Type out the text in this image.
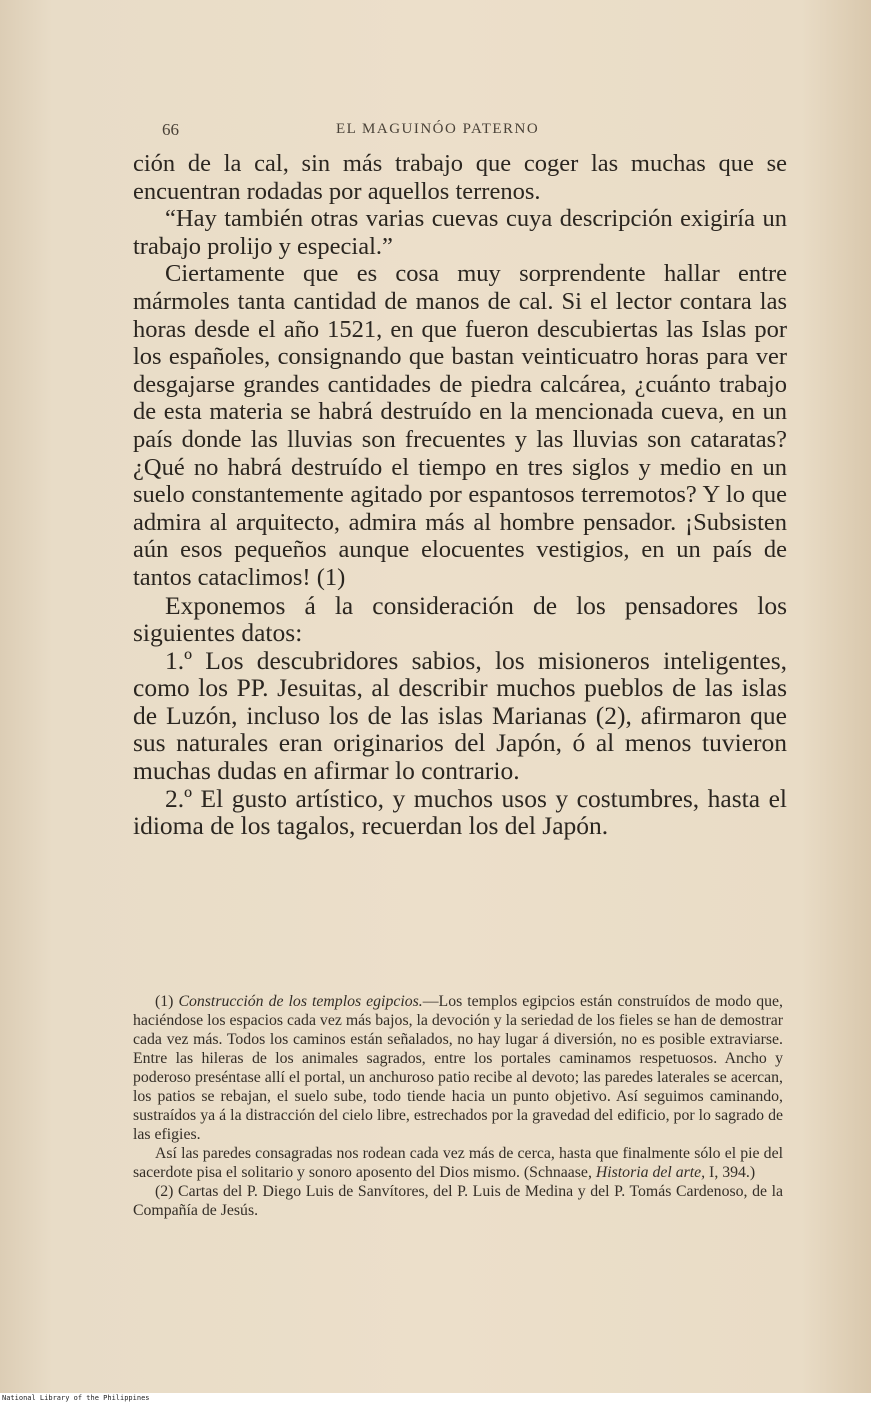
66	EL MAGUINÓO PATERNO

ción de la cal, sin más trabajo que coger las muchas que se encuentran rodadas por aquellos terrenos.

“Hay también otras varias cuevas cuya descripción exigiría un trabajo prolijo y especial.”

Ciertamente que es cosa muy sorprendente hallar entre mármoles tanta cantidad de manos de cal. Si el lector contara las horas desde el año 1521, en que fueron descubiertas las Islas por los españoles, consignando que bastan veinticuatro horas para ver desgajarse grandes cantidades de piedra calcárea, ¿cuánto trabajo de esta materia se habrá destruído en la mencionada cueva, en un país donde las lluvias son frecuentes y las lluvias son cataratas? ¿Qué no habrá destruído el tiempo en tres siglos y medio en un suelo constantemente agitado por espantosos terremotos? Y lo que admira al arquitecto, admira más al hombre pensador. ¡Subsisten aún esos pequeños aunque elocuentes vestigios, en un país de tantos cataclimos! (1)

Exponemos á la consideración de los pensadores los siguientes datos:

1.º Los descubridores sabios, los misioneros inteligentes, como los PP. Jesuitas, al describir muchos pueblos de las islas de Luzón, incluso los de las islas Marianas (2), afirmaron que sus naturales eran originarios del Japón, ó al menos tuvieron muchas dudas en afirmar lo contrario.

2.º El gusto artístico, y muchos usos y costumbres, hasta el idioma de los tagalos, recuerdan los del Japón.

(1) Construcción de los templos egipcios.—Los templos egipcios están construídos de modo que, haciéndose los espacios cada vez más bajos, la devoción y la seriedad de los fieles se han de demostrar cada vez más. Todos los caminos están señalados, no hay lugar á diversión, no es posible extraviarse. Entre las hileras de los animales sagrados, entre los portales caminamos respetuosos. Ancho y poderoso preséntase allí el portal, un anchuroso patio recibe al devoto; las paredes laterales se acercan, los patios se rebajan, el suelo sube, todo tiende hacia un punto objetivo. Así seguimos caminando, sustraídos ya á la distracción del cielo libre, estrechados por la gravedad del edificio, por lo sagrado de las efigies.

Así las paredes consagradas nos rodean cada vez más de cerca, hasta que finalmente sólo el pie del sacerdote pisa el solitario y sonoro aposento del Dios mismo. (Schnaase, Historia del arte, I, 394.)

(2) Cartas del P. Diego Luis de Sanvítores, del P. Luis de Medina y del P. Tomás Cardenoso, de la Compañía de Jesús.

National Library of the Philippines
